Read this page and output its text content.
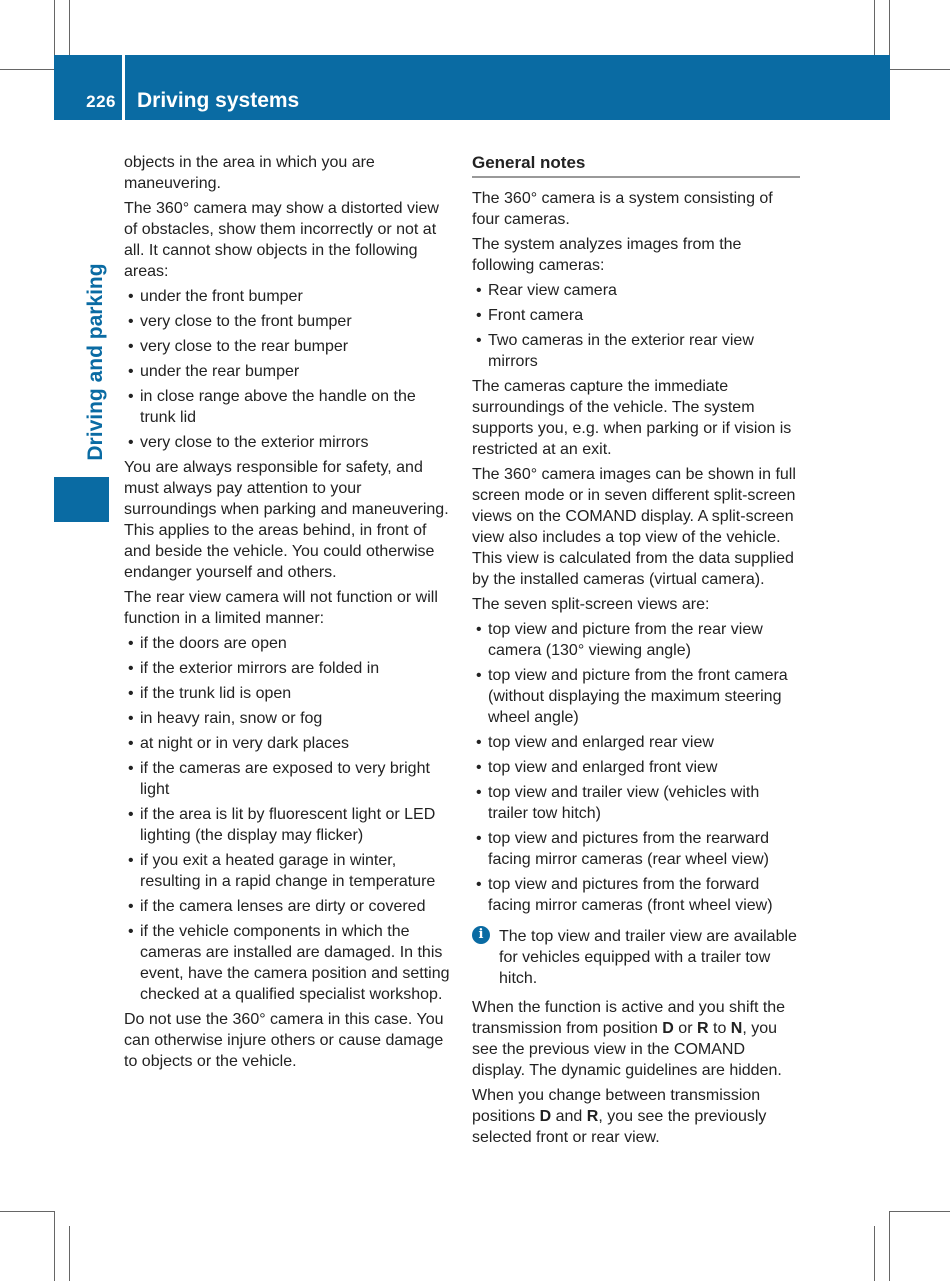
226 Driving systems
Driving and parking

objects in the area in which you are maneuvering.

The 360° camera may show a distorted view of obstacles, show them incorrectly or not at all. It cannot show objects in the following areas:

• under the front bumper
• very close to the front bumper
• very close to the rear bumper
• under the rear bumper
• in close range above the handle on the trunk lid
• very close to the exterior mirrors

You are always responsible for safety, and must always pay attention to your surroundings when parking and maneuvering. This applies to the areas behind, in front of and beside the vehicle. You could otherwise endanger yourself and others.

The rear view camera will not function or will function in a limited manner:

• if the doors are open
• if the exterior mirrors are folded in
• if the trunk lid is open
• in heavy rain, snow or fog
• at night or in very dark places
• if the cameras are exposed to very bright light
• if the area is lit by fluorescent light or LED lighting (the display may flicker)
• if you exit a heated garage in winter, resulting in a rapid change in temperature
• if the camera lenses are dirty or covered
• if the vehicle components in which the cameras are installed are damaged. In this event, have the camera position and setting checked at a qualified specialist workshop.

Do not use the 360° camera in this case. You can otherwise injure others or cause damage to objects or the vehicle.

General notes

The 360° camera is a system consisting of four cameras.

The system analyzes images from the following cameras:

• Rear view camera
• Front camera
• Two cameras in the exterior rear view mirrors

The cameras capture the immediate surroundings of the vehicle. The system supports you, e.g. when parking or if vision is restricted at an exit.

The 360° camera images can be shown in full screen mode or in seven different split-screen views on the COMAND display. A split-screen view also includes a top view of the vehicle. This view is calculated from the data supplied by the installed cameras (virtual camera).

The seven split-screen views are:

• top view and picture from the rear view camera (130° viewing angle)
• top view and picture from the front camera (without displaying the maximum steering wheel angle)
• top view and enlarged rear view
• top view and enlarged front view
• top view and trailer view (vehicles with trailer tow hitch)
• top view and pictures from the rearward facing mirror cameras (rear wheel view)
• top view and pictures from the forward facing mirror cameras (front wheel view)
i The top view and trailer view are available for vehicles equipped with a trailer tow hitch.

When the function is active and you shift the transmission from position D or R to N, you see the previous view in the COMAND display. The dynamic guidelines are hidden.

When you change between transmission positions D and R, you see the previously selected front or rear view.
